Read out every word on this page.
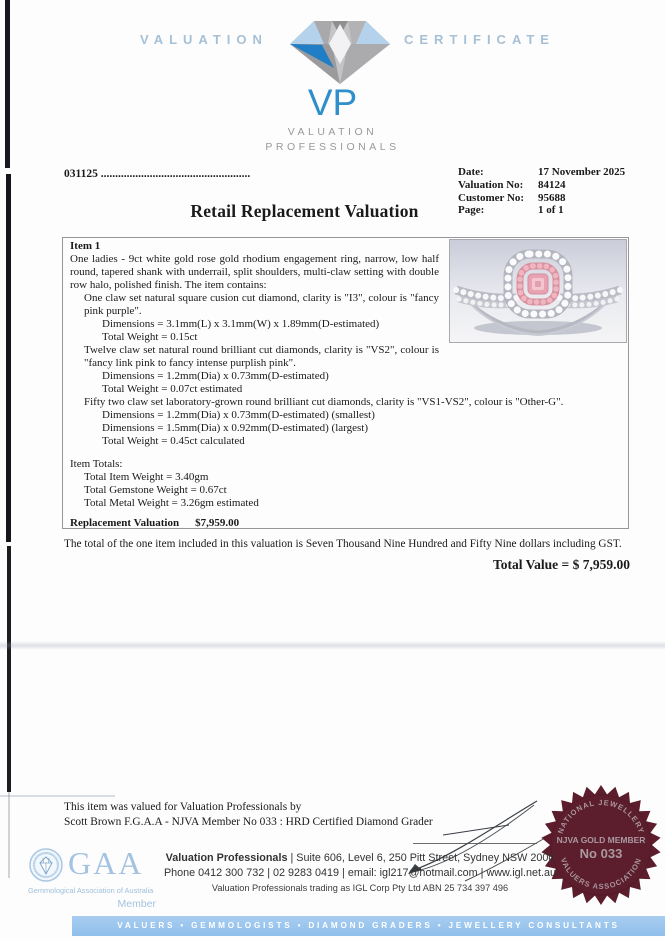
VALUATION	CERTIFICATE
VP
VALUATION
PROFESSIONALS
031125 ....................................................	Date:	17 November 2025
Valuation No:	84124
Customer No:	95688
Page:	1 of 1
Retail Replacement Valuation
Item 1
One ladies - 9ct white gold rose gold rhodium engagement ring, narrow, low half round, tapered shank with underrail, split shoulders, multi-claw setting with double row halo, polished finish. The item contains:
One claw set natural square cusion cut diamond, clarity is "I3", colour is "fancy pink purple".
Dimensions = 3.1mm(L) x 3.1mm(W) x 1.89mm(D-estimated)
Total Weight = 0.15ct
Twelve claw set natural round brilliant cut diamonds, clarity is "VS2", colour is "fancy link pink to fancy intense purplish pink".
Dimensions = 1.2mm(Dia) x 0.73mm(D-estimated)
Total Weight = 0.07ct estimated
Fifty two claw set laboratory-grown round brilliant cut diamonds, clarity is "VS1-VS2", colour is "Other-G".
Dimensions = 1.2mm(Dia) x 0.73mm(D-estimated) (smallest)
Dimensions = 1.5mm(Dia) x 0.92mm(D-estimated) (largest)
Total Weight = 0.45ct calculated
Item Totals:
Total Item Weight = 3.40gm
Total Gemstone Weight = 0.67ct
Total Metal Weight = 3.26gm estimated
Replacement Valuation $7,959.00
The total of the one item included in this valuation is Seven Thousand Nine Hundred and Fifty Nine dollars including GST.
Total Value = $ 7,959.00
This item was valued for Valuation Professionals by
Scott Brown F.G.A.A - NJVA Member No 033 : HRD Certified Diamond Grader
NATIONAL JEWELLERY
NJVA GOLD MEMBER
No 033
VALUERS ASSOCIATION
GAA
Gemmological Association of Australia
Member
Valuation Professionals | Suite 606, Level 6, 250 Pitt Street, Sydney NSW 2000
Phone 0412 300 732 | 02 9283 0419 | email: igl217@hotmail.com | www.igl.net.au
Valuation Professionals trading as IGL Corp Pty Ltd ABN 25 734 397 496
VALUERS • GEMMOLOGISTS • DIAMOND GRADERS • JEWELLERY CONSULTANTS
